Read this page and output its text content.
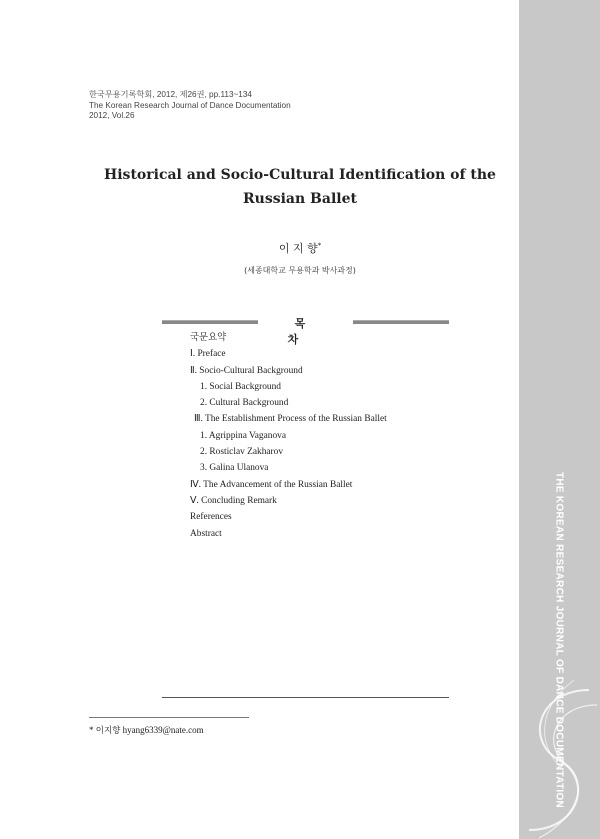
한국무용기록학회, 2012, 제26권, pp.113~134
The Korean Research Journal of Dance Documentation
2012, Vol.26
Historical and Socio-Cultural Identification of the
Russian Ballet
이 지 향*
(세종대학교 무용학과 박사과정)
목 차
국문요약
Ⅰ. Preface
Ⅱ. Socio-Cultural Background
1. Social Background
2. Cultural Background
Ⅲ. The Establishment Process of the Russian Ballet
1. Agrippina Vaganova
2. Rosticlav Zakharov
3. Galina Ulanova
Ⅳ. The Advancement of the Russian Ballet
Ⅴ. Concluding Remark
References
Abstract
* 이지향 hyang6339@nate.com	THE KOREAN RESEARCH JOURNAL OF DANCE DOCUMENTATION
